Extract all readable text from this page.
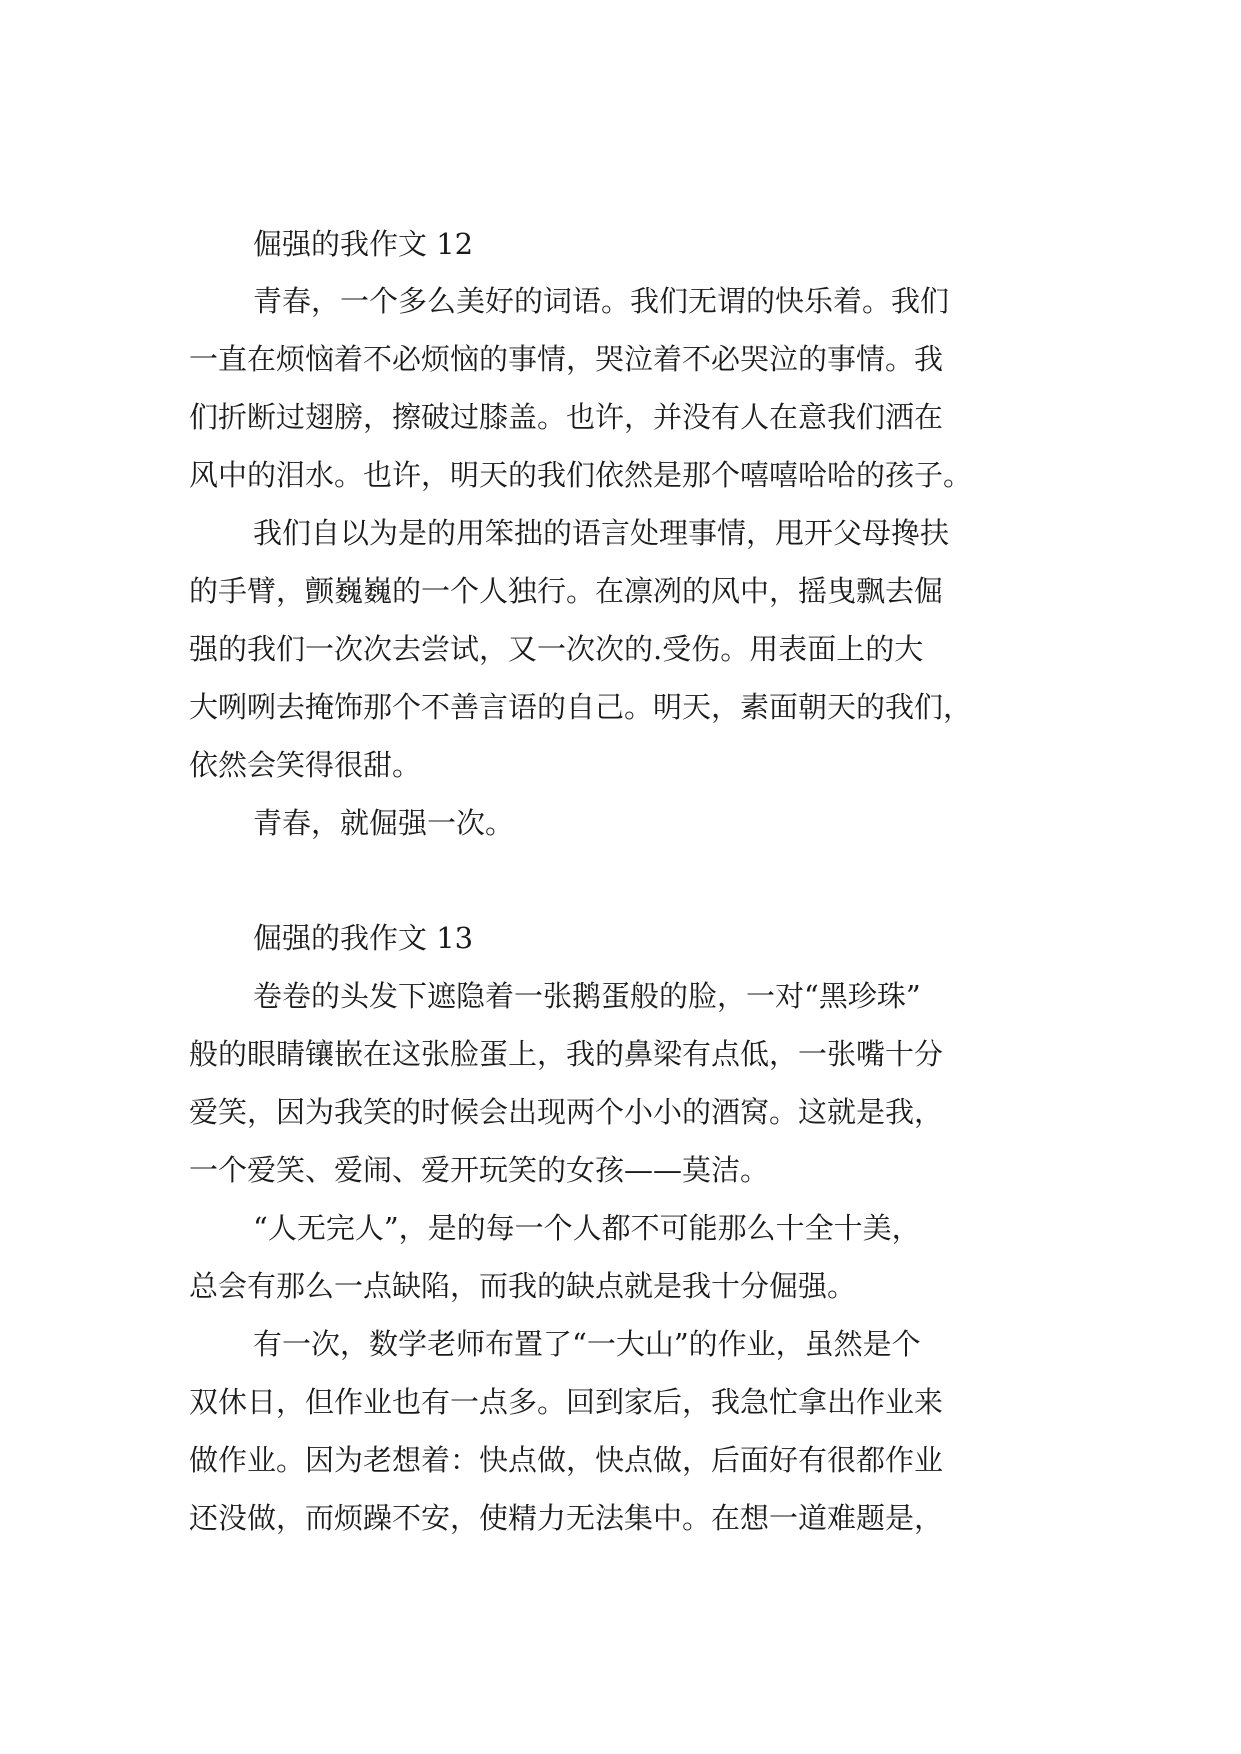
倔强的我作文 12
青春，一个多么美好的词语。我们无谓的快乐着。我们
一直在烦恼着不必烦恼的事情，哭泣着不必哭泣的事情。我
们折断过翅膀，擦破过膝盖。也许，并没有人在意我们洒在
风中的泪水。也许，明天的我们依然是那个嘻嘻哈哈的孩子。
我们自以为是的用笨拙的语言处理事情，甩开父母搀扶
的手臂，颤巍巍的一个人独行。在凛冽的风中，摇曳飘去倔
强的我们一次次去尝试，又一次次的.受伤。用表面上的大
大咧咧去掩饰那个不善言语的自己。明天，素面朝天的我们，
依然会笑得很甜。
青春，就倔强一次。
倔强的我作文 13
卷卷的头发下遮隐着一张鹅蛋般的脸，一对“黑珍珠”
般的眼睛镶嵌在这张脸蛋上，我的鼻梁有点低，一张嘴十分
爱笑，因为我笑的时候会出现两个小小的酒窝。这就是我，
一个爱笑、爱闹、爱开玩笑的女孩——莫洁。
“人无完人”，是的每一个人都不可能那么十全十美，
总会有那么一点缺陷，而我的缺点就是我十分倔强。
有一次，数学老师布置了“一大山”的作业，虽然是个
双休日，但作业也有一点多。回到家后，我急忙拿出作业来
做作业。因为老想着：快点做，快点做，后面好有很都作业
还没做，而烦躁不安，使精力无法集中。在想一道难题是，
